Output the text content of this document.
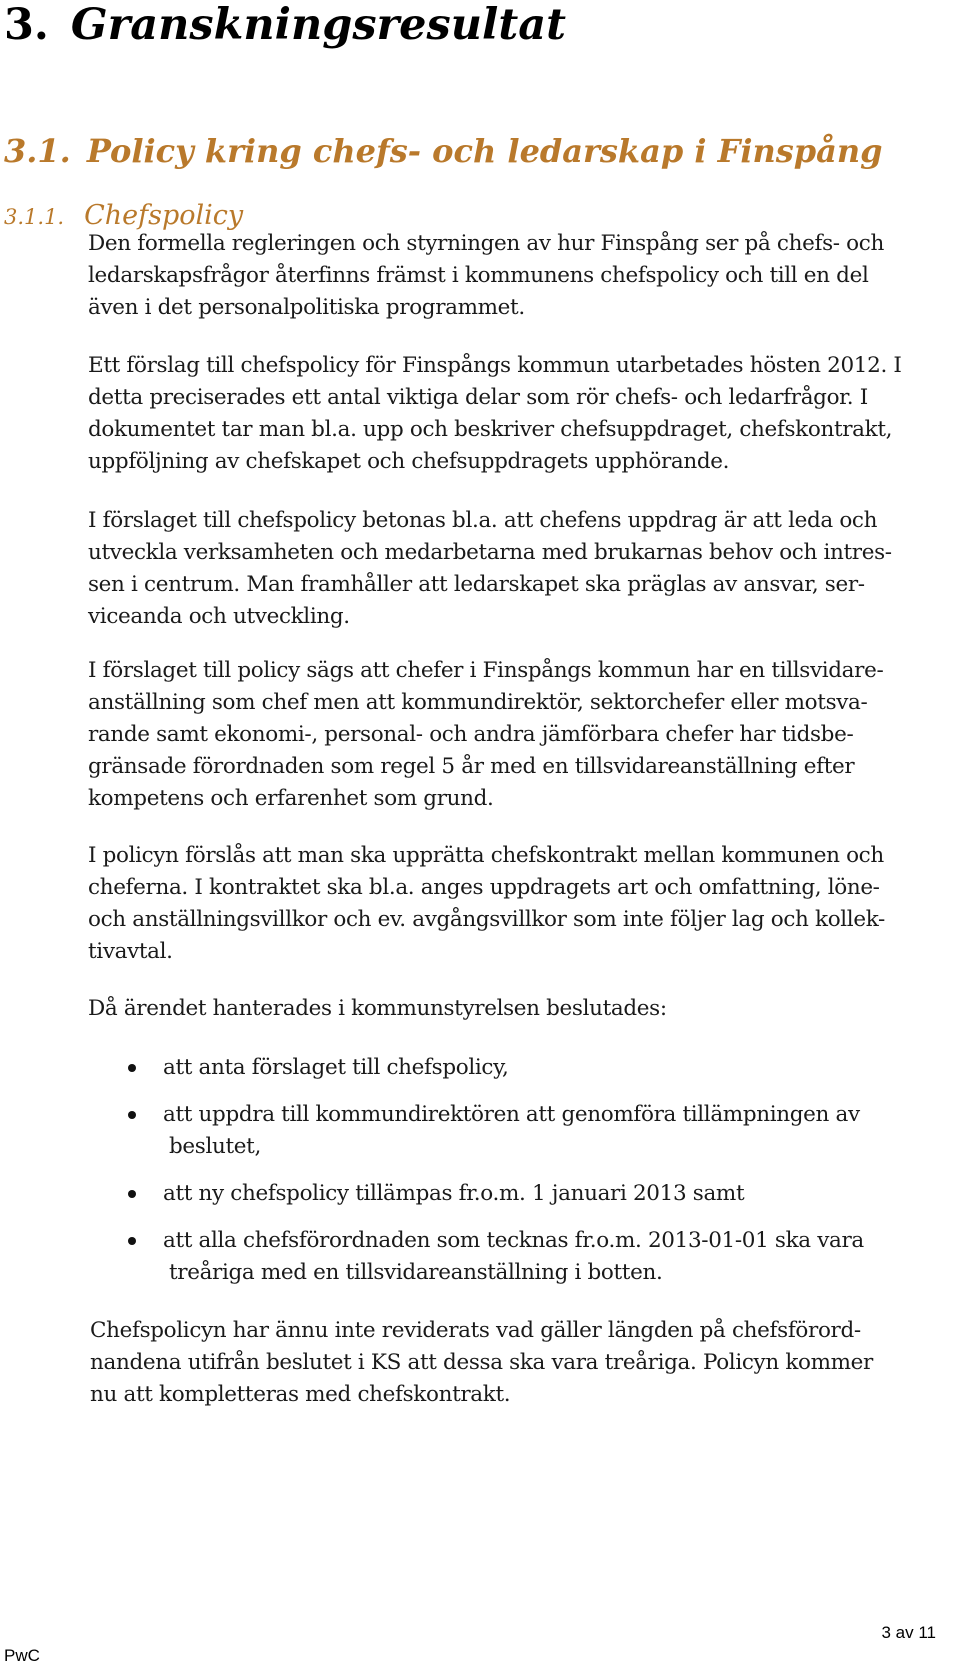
3. Granskningsresultat
3.1. Policy kring chefs- och ledarskap i Finspång
3.1.1. Chefspolicy

Den formella regleringen och styrningen av hur Finspång ser på chefs- och
ledarskapsfrågor återfinns främst i kommunens chefspolicy och till en del
även i det personalpolitiska programmet.

Ett förslag till chefspolicy för Finspångs kommun utarbetades hösten 2012. I
detta preciserades ett antal viktiga delar som rör chefs- och ledarfrågor. I
dokumentet tar man bl.a. upp och beskriver chefsuppdraget, chefskontrakt,
uppföljning av chefskapet och chefsuppdragets upphörande.

I förslaget till chefspolicy betonas bl.a. att chefens uppdrag är att leda och
utveckla verksamheten och medarbetarna med brukarnas behov och intres-
sen i centrum. Man framhåller att ledarskapet ska präglas av ansvar, ser-
viceanda och utveckling.

I förslaget till policy sägs att chefer i Finspångs kommun har en tillsvidare-
anställning som chef men att kommundirektör, sektorchefer eller motsva-
rande samt ekonomi-, personal- och andra jämförbara chefer har tidsbe-
gränsade förordnaden som regel 5 år med en tillsvidareanställning efter
kompetens och erfarenhet som grund.

I policyn förslås att man ska upprätta chefskontrakt mellan kommunen och
cheferna. I kontraktet ska bl.a. anges uppdragets art och omfattning, löne-
och anställningsvillkor och ev. avgångsvillkor som inte följer lag och kollek-
tivavtal.

Då ärendet hanterades i kommunstyrelsen beslutades:

att anta förslaget till chefspolicy,
att uppdra till kommundirektören att genomföra tillämpningen av
beslutet,
att ny chefspolicy tillämpas fr.o.m. 1 januari 2013 samt
att alla chefsförordnaden som tecknas fr.o.m. 2013-01-01 ska vara
treåriga med en tillsvidareanställning i botten.

Chefspolicyn har ännu inte reviderats vad gäller längden på chefsförord-
nandena utifrån beslutet i KS att dessa ska vara treåriga. Policyn kommer
nu att kompletteras med chefskontrakt.

3 av 11
PwC
